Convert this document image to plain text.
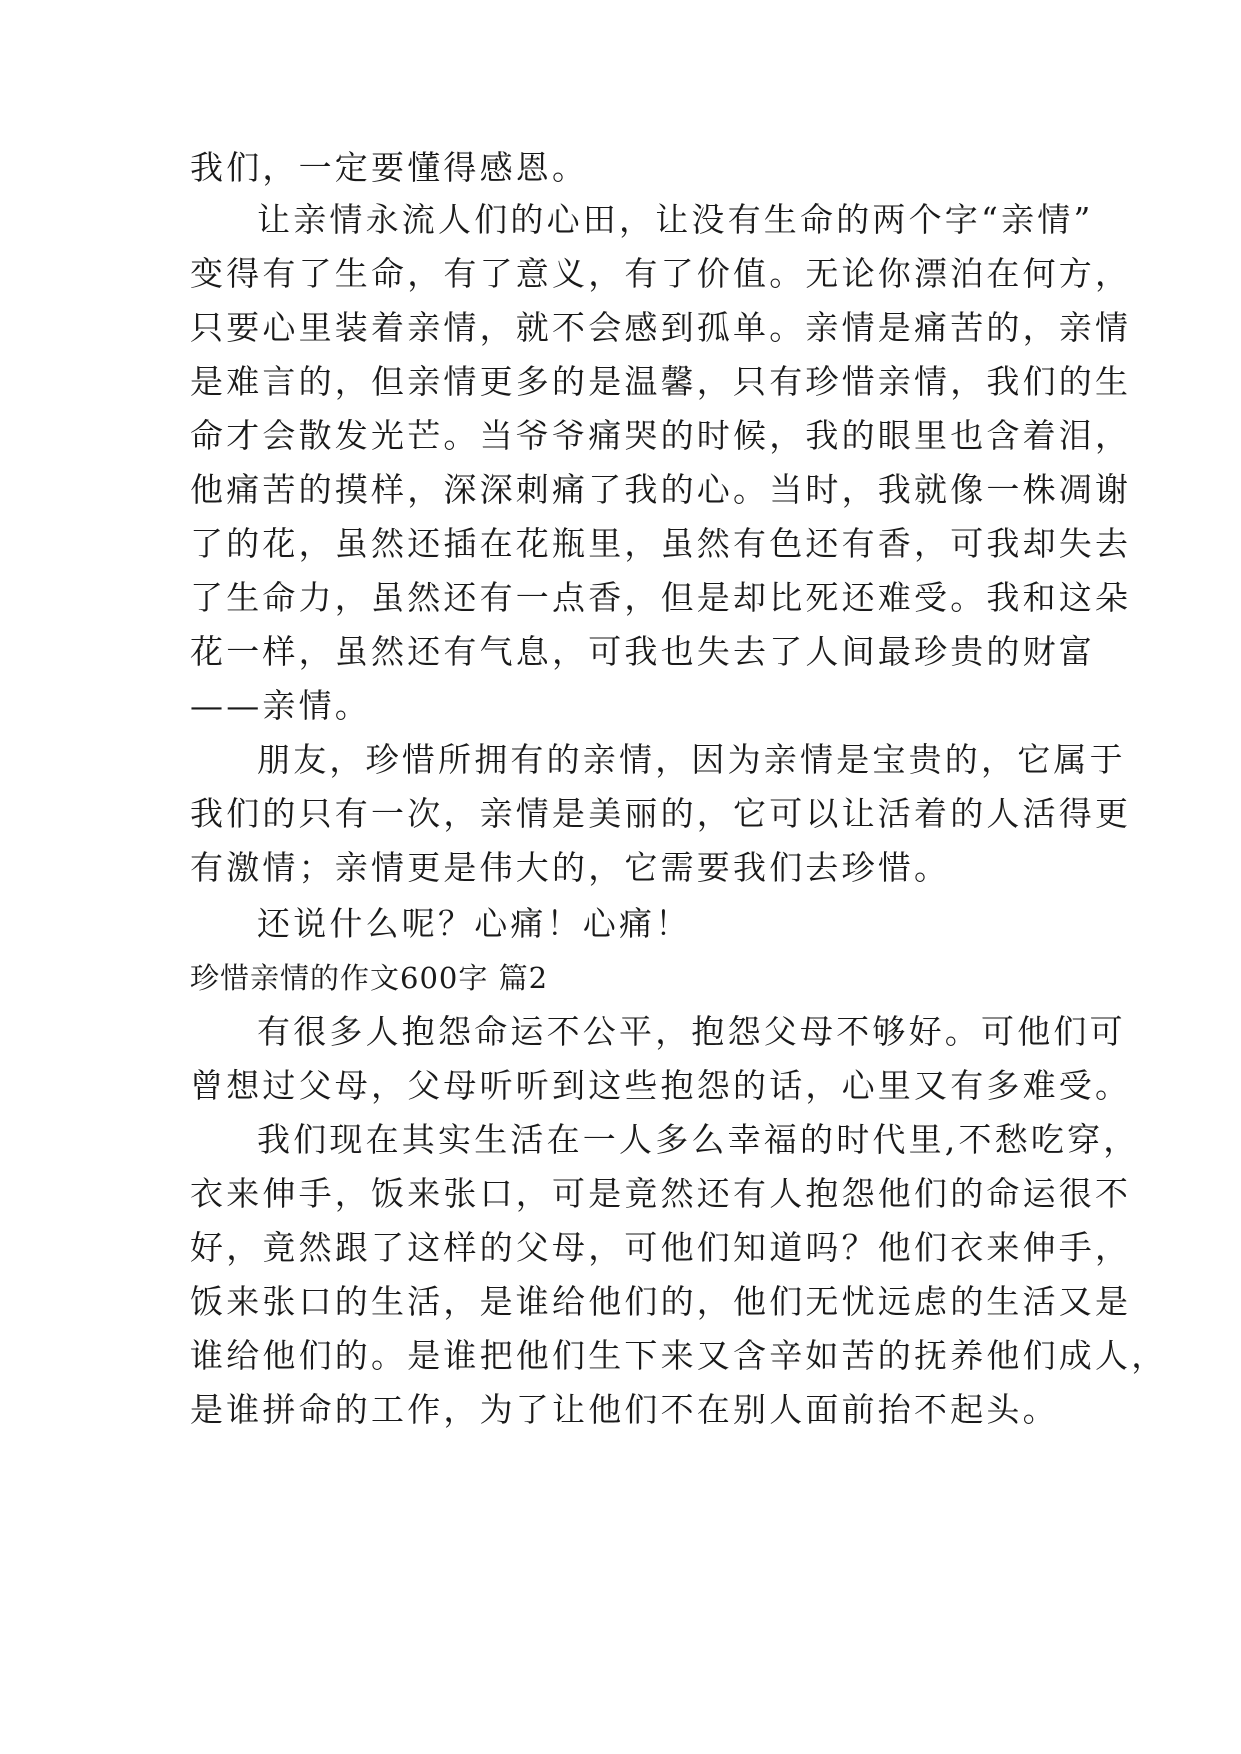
我们，一定要懂得感恩。
让亲情永流人们的心田，让没有生命的两个字“亲情”
变得有了生命，有了意义，有了价值。无论你漂泊在何方，
只要心里装着亲情，就不会感到孤单。亲情是痛苦的，亲情
是难言的，但亲情更多的是温馨，只有珍惜亲情，我们的生
命才会散发光芒。当爷爷痛哭的时候，我的眼里也含着泪，
他痛苦的摸样，深深刺痛了我的心。当时，我就像一株凋谢
了的花，虽然还插在花瓶里，虽然有色还有香，可我却失去
了生命力，虽然还有一点香，但是却比死还难受。我和这朵
花一样，虽然还有气息，可我也失去了人间最珍贵的财富
——亲情。
朋友，珍惜所拥有的亲情，因为亲情是宝贵的，它属于
我们的只有一次，亲情是美丽的，它可以让活着的人活得更
有激情；亲情更是伟大的，它需要我们去珍惜。
还说什么呢？心痛！心痛！
珍惜亲情的作文600字 篇2
有很多人抱怨命运不公平，抱怨父母不够好。可他们可
曾想过父母，父母听听到这些抱怨的话，心里又有多难受。
我们现在其实生活在一人多么幸福的时代里,不愁吃穿，
衣来伸手，饭来张口，可是竟然还有人抱怨他们的命运很不
好，竟然跟了这样的父母，可他们知道吗？他们衣来伸手，
饭来张口的生活，是谁给他们的，他们无忧远虑的生活又是
谁给他们的。是谁把他们生下来又含辛如苦的抚养他们成人，
是谁拼命的工作，为了让他们不在别人面前抬不起头。
